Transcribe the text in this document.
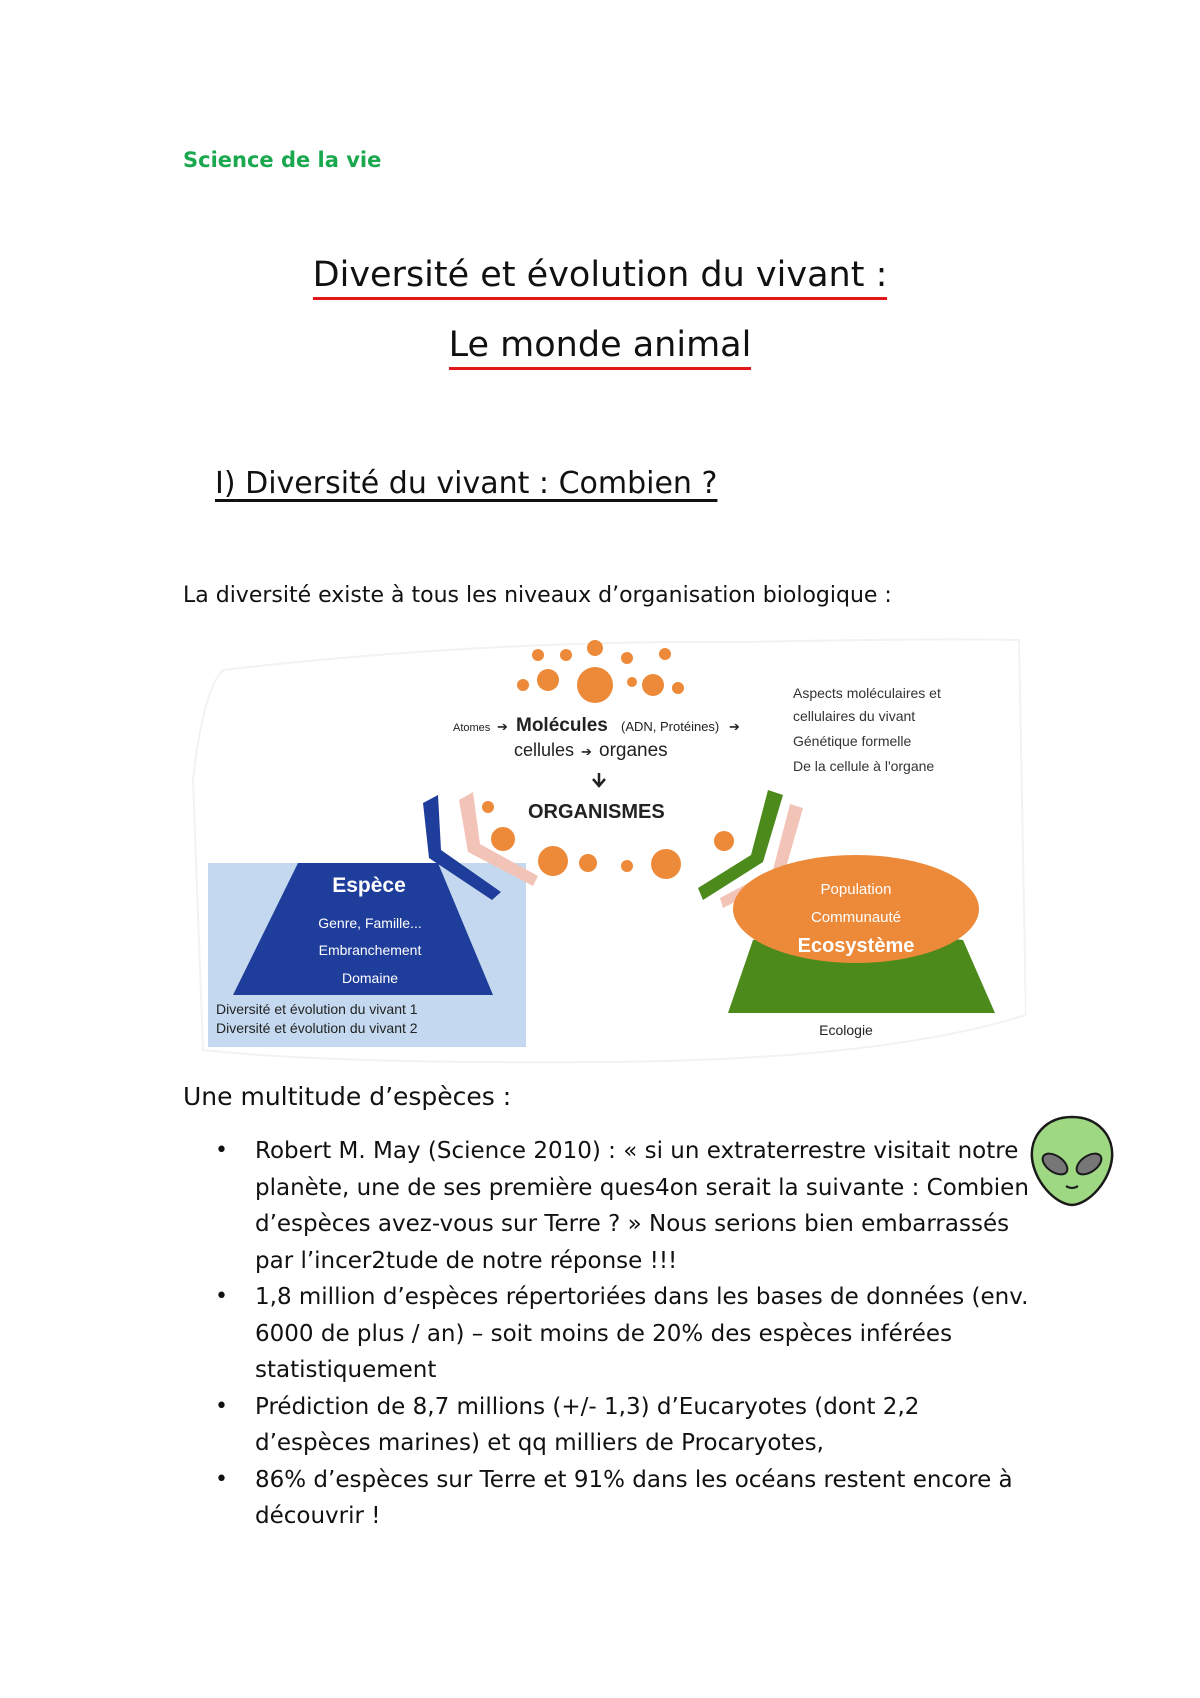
Science de la vie
Diversité et évolution du vivant :
Le monde animal
I) Diversité du vivant : Combien ?
La diversité existe à tous les niveaux d’organisation biologique :
Atomes ➔ Molécules (ADN, Protéines) ➔
cellules ➔ organes
ORGANISMES
Aspects moléculaires et
cellulaires du vivant
Génétique formelle
De la cellule à l'organe
Espèce
Genre, Famille...
Embranchement
Domaine
Diversité et évolution du vivant 1
Diversité et évolution du vivant 2
Population
Communauté
Ecosystème
Ecologie
Une multitude d’espèces :
• Robert M. May (Science 2010) : « si un extraterrestre visitait notre planète, une de ses première ques4on serait la suivante : Combien d’espèces avez-vous sur Terre ? » Nous serions bien embarrassés par l’incer2tude de notre réponse !!!
• 1,8 million d’espèces répertoriées dans les bases de données (env. 6000 de plus / an) – soit moins de 20% des espèces inférées statistiquement
• Prédiction de 8,7 millions (+/- 1,3) d’Eucaryotes (dont 2,2 d’espèces marines) et qq milliers de Procaryotes,
• 86% d’espèces sur Terre et 91% dans les océans restent encore à découvrir !
